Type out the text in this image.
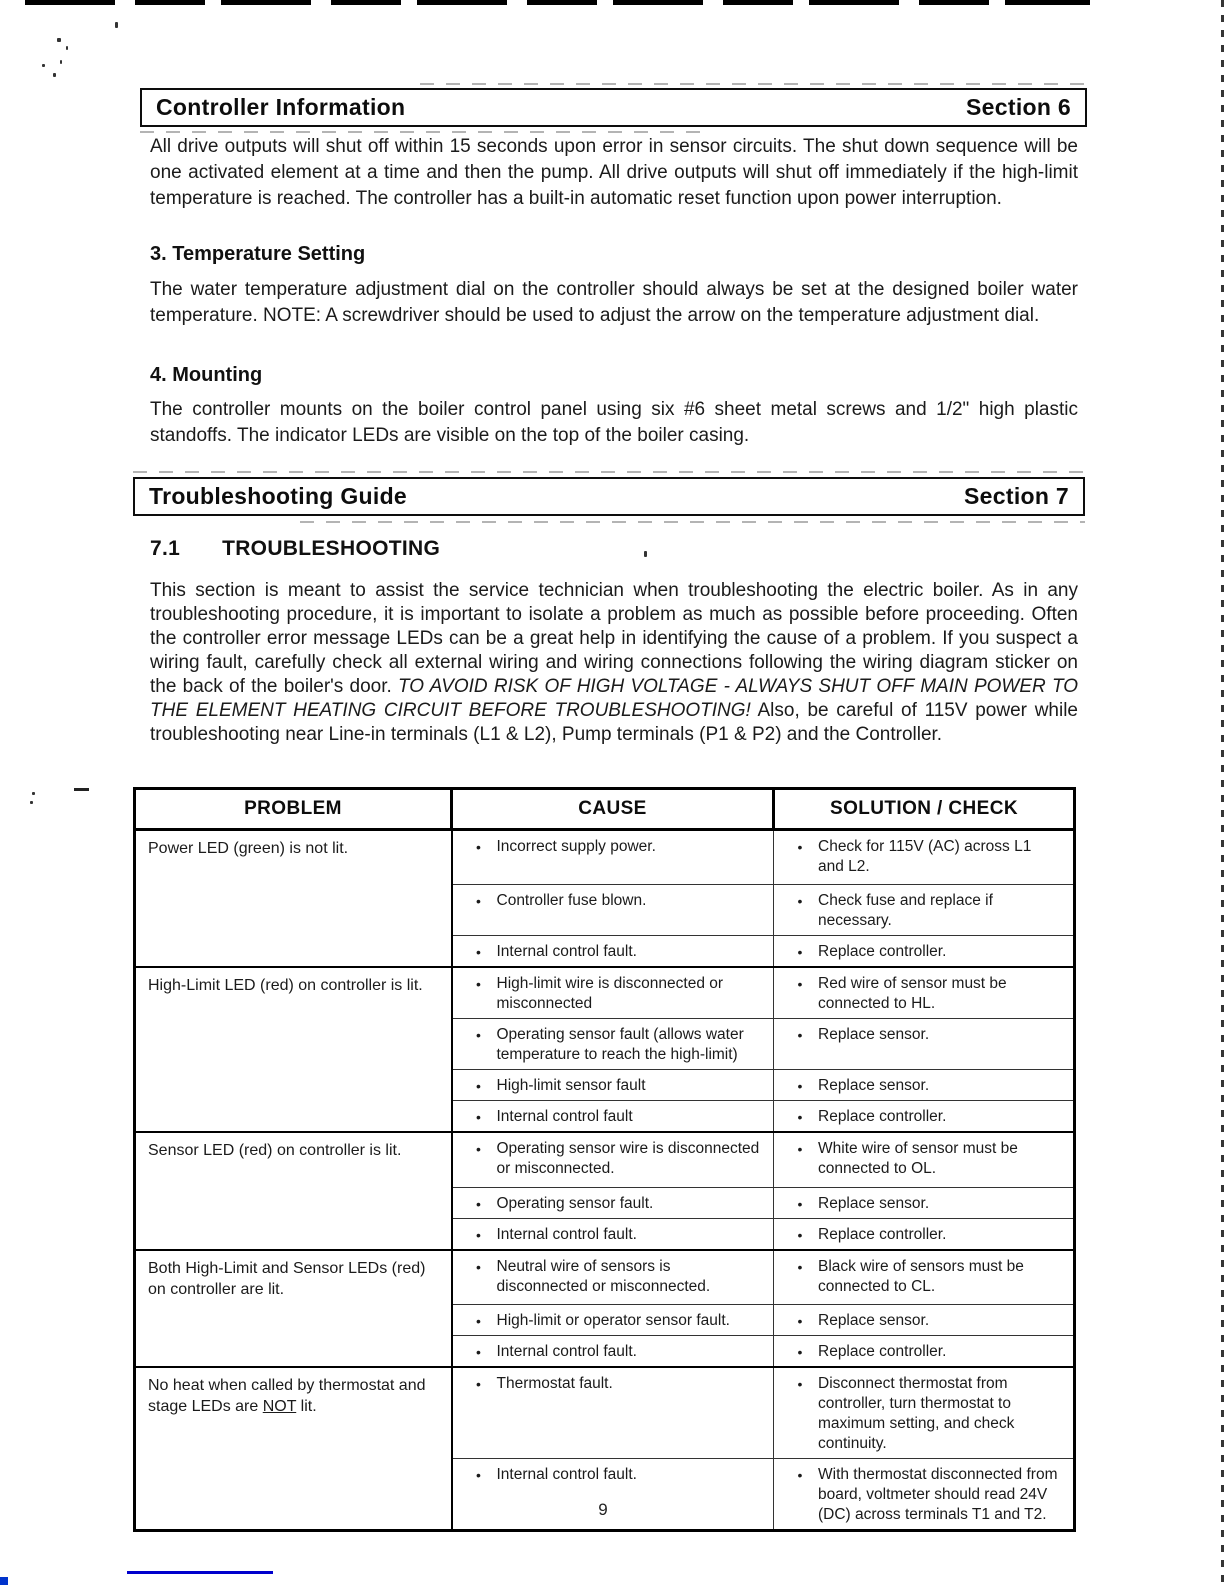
Controller Information	Section 6
All drive outputs will shut off within 15 seconds upon error in sensor circuits. The shut down sequence will be one activated element at a time and then the pump. All drive outputs will shut off immediately if the high-limit temperature is reached. The controller has a built-in automatic reset function upon power interruption.
3. Temperature Setting
The water temperature adjustment dial on the controller should always be set at the designed boiler water temperature. NOTE: A screwdriver should be used to adjust the arrow on the temperature adjustment dial.
4. Mounting
The controller mounts on the boiler control panel using six #6 sheet metal screws and 1/2" high plastic standoffs. The indicator LEDs are visible on the top of the boiler casing.
Troubleshooting Guide	Section 7
7.1 TROUBLESHOOTING
This section is meant to assist the service technician when troubleshooting the electric boiler. As in any troubleshooting procedure, it is important to isolate a problem as much as possible before proceeding. Often the controller error message LEDs can be a great help in identifying the cause of a problem. If you suspect a wiring fault, carefully check all external wiring and wiring connections following the wiring diagram sticker on the back of the boiler's door. TO AVOID RISK OF HIGH VOLTAGE - ALWAYS SHUT OFF MAIN POWER TO THE ELEMENT HEATING CIRCUIT BEFORE TROUBLESHOOTING! Also, be careful of 115V power while troubleshooting near Line-in terminals (L1 & L2), Pump terminals (P1 & P2) and the Controller.
PROBLEM	CAUSE	SOLUTION / CHECK
Power LED (green) is not lit.	• Incorrect supply power.	• Check for 115V (AC) across L1 and L2.

	• Controller fuse blown.	• Check fuse and replace if necessary.

	• Internal control fault.	• Replace controller.

High-Limit LED (red) on controller is lit.	• High-limit wire is disconnected or misconnected	• Red wire of sensor must be connected to HL.

	• Operating sensor fault (allows water temperature to reach the high-limit)	• Replace sensor.

	• High-limit sensor fault	• Replace sensor.

	• Internal control fault	• Replace controller.

Sensor LED (red) on controller is lit.	• Operating sensor wire is disconnected or misconnected.	• White wire of sensor must be connected to OL.

	• Operating sensor fault.	• Replace sensor.

	• Internal control fault.	• Replace controller.

Both High-Limit and Sensor LEDs (red) on controller are lit.	• Neutral wire of sensors is disconnected or misconnected.	• Black wire of sensors must be connected to CL.

	• High-limit or operator sensor fault.	• Replace sensor.

	• Internal control fault.	• Replace controller.

No heat when called by thermostat and stage LEDs are NOT lit.	• Thermostat fault.	• Disconnect thermostat from controller, turn thermostat to maximum setting, and check continuity.

	• Internal control fault.	• With thermostat disconnected from board, voltmeter should read 24V (DC) across terminals T1 and T2.
9
